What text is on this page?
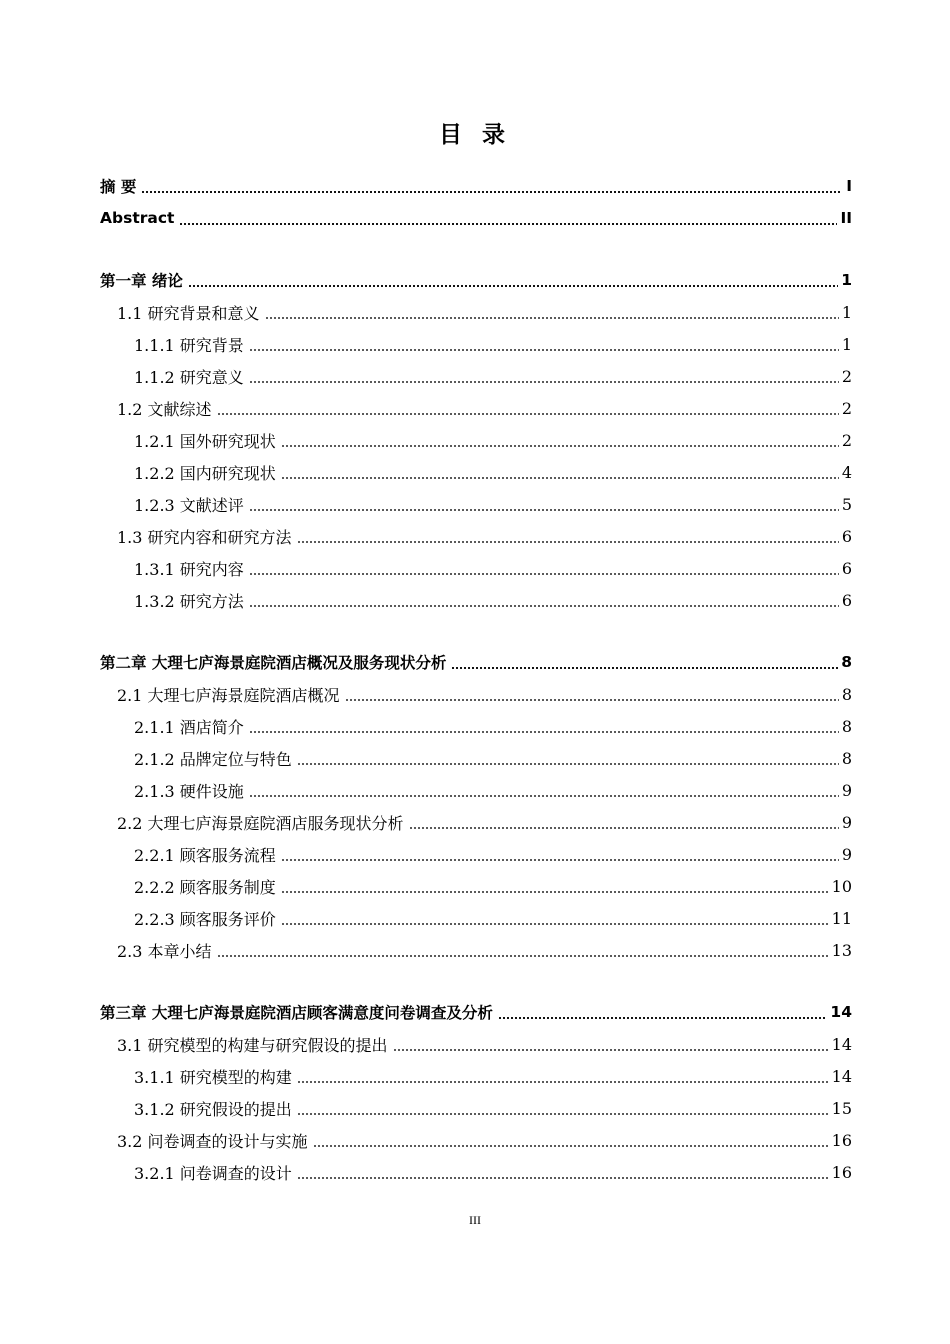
目 录
摘 要	I
Abstract	II
第一章 绪论	1
1.1 研究背景和意义	1
1.1.1 研究背景	1
1.1.2 研究意义	2
1.2 文献综述	2
1.2.1 国外研究现状	2
1.2.2 国内研究现状	4
1.2.3 文献述评	5
1.3 研究内容和研究方法	6
1.3.1 研究内容	6
1.3.2 研究方法	6
第二章 大理七庐海景庭院酒店概况及服务现状分析	8
2.1 大理七庐海景庭院酒店概况	8
2.1.1 酒店简介	8
2.1.2 品牌定位与特色	8
2.1.3 硬件设施	9
2.2 大理七庐海景庭院酒店服务现状分析	9
2.2.1 顾客服务流程	9
2.2.2 顾客服务制度	10
2.2.3 顾客服务评价	11
2.3 本章小结	13
第三章 大理七庐海景庭院酒店顾客满意度问卷调查及分析	14
3.1 研究模型的构建与研究假设的提出	14
3.1.1 研究模型的构建	14
3.1.2 研究假设的提出	15
3.2 问卷调查的设计与实施	16
3.2.1 问卷调查的设计	16
III
